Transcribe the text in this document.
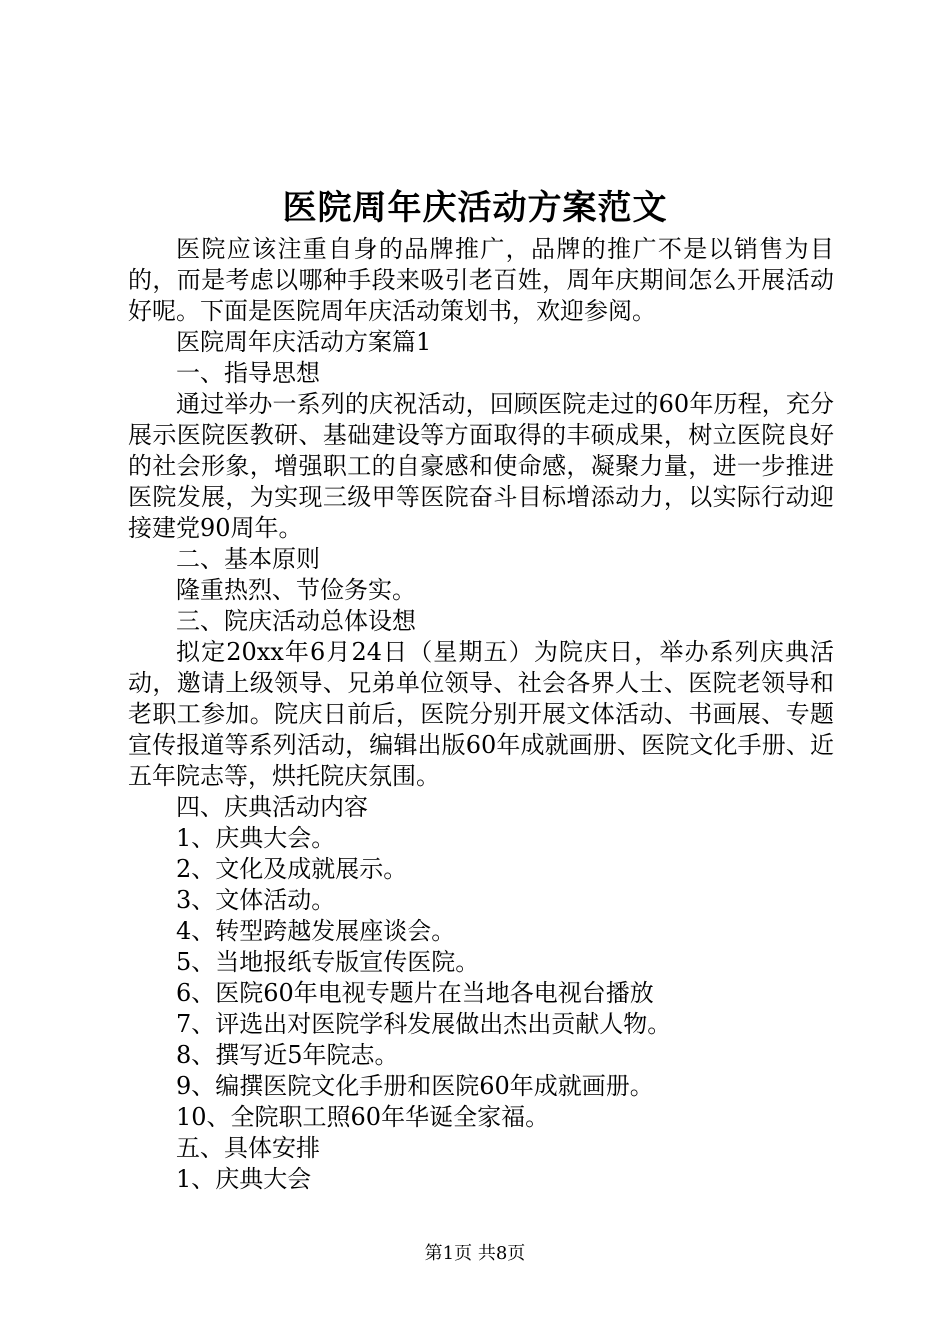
医院周年庆活动方案范文

医院应该注重自身的品牌推广，品牌的推广不是以销售为目的，而是考虑以哪种手段来吸引老百姓，周年庆期间怎么开展活动好呢。下面是医院周年庆活动策划书，欢迎参阅。

医院周年庆活动方案篇1

一、指导思想

通过举办一系列的庆祝活动，回顾医院走过的60年历程，充分展示医院医教研、基础建设等方面取得的丰硕成果，树立医院良好的社会形象，增强职工的自豪感和使命感，凝聚力量，进一步推进医院发展，为实现三级甲等医院奋斗目标增添动力，以实际行动迎接建党90周年。

二、基本原则

隆重热烈、节俭务实。

三、院庆活动总体设想

拟定20xx年6月24日（星期五）为院庆日，举办系列庆典活动，邀请上级领导、兄弟单位领导、社会各界人士、医院老领导和老职工参加。院庆日前后，医院分别开展文体活动、书画展、专题宣传报道等系列活动，编辑出版60年成就画册、医院文化手册、近五年院志等，烘托院庆氛围。

四、庆典活动内容

1、庆典大会。

2、文化及成就展示。

3、文体活动。

4、转型跨越发展座谈会。

5、当地报纸专版宣传医院。

6、医院60年电视专题片在当地各电视台播放

7、评选出对医院学科发展做出杰出贡献人物。

8、撰写近5年院志。

9、编撰医院文化手册和医院60年成就画册。

10、全院职工照60年华诞全家福。

五、具体安排

1、庆典大会

第1页 共8页
